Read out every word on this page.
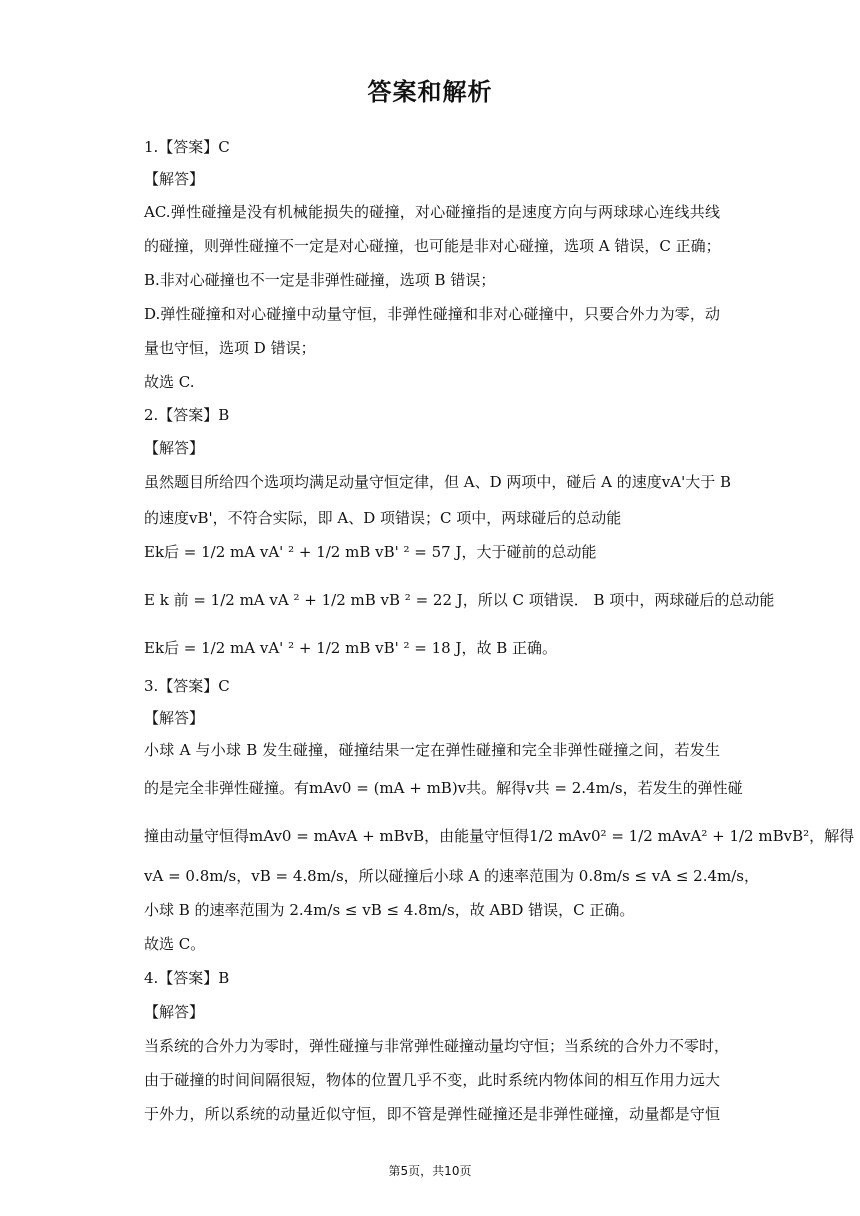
答案和解析
1.【答案】C
【解答】
AC.弹性碰撞是没有机械能损失的碰撞，对心碰撞指的是速度方向与两球球心连线共线
的碰撞，则弹性碰撞不一定是对心碰撞，也可能是非对心碰撞，选项 A 错误，C 正确；
B.非对心碰撞也不一定是非弹性碰撞，选项 B 错误；
D.弹性碰撞和对心碰撞中动量守恒，非弹性碰撞和非对心碰撞中，只要合外力为零，动
量也守恒，选项 D 错误；
故选 C.
2.【答案】B
【解答】
虽然题目所给四个选项均满足动量守恒定律，但 A、D 两项中，碰后 A 的速度vA'大于 B
的速度vB'，不符合实际，即 A、D 项错误；C 项中，两球碰后的总动能
Ek后 = 1/2 mA vA' ² + 1/2 mB vB' ² = 57 J，大于碰前的总动能
E k 前 = 1/2 mA vA ² + 1/2 mB vB ² = 22 J，所以 C 项错误． B 项中，两球碰后的总动能
Ek后 = 1/2 mA vA' ² + 1/2 mB vB' ² = 18 J，故 B 正确。
3.【答案】C
【解答】
小球 A 与小球 B 发生碰撞，碰撞结果一定在弹性碰撞和完全非弹性碰撞之间，若发生
的是完全非弹性碰撞。有mAv0 = (mA + mB)v共。解得v共 = 2.4m/s，若发生的弹性碰
撞由动量守恒得mAv0 = mAvA + mBvB，由能量守恒得1/2 mAv0² = 1/2 mAvA² + 1/2 mBvB²，解得
vA = 0.8m/s，vB = 4.8m/s，所以碰撞后小球 A 的速率范围为 0.8m/s ≤ vA ≤ 2.4m/s，
小球 B 的速率范围为 2.4m/s ≤ vB ≤ 4.8m/s，故 ABD 错误，C 正确。
故选 C。
4.【答案】B
【解答】
当系统的合外力为零时，弹性碰撞与非常弹性碰撞动量均守恒；当系统的合外力不零时，
由于碰撞的时间间隔很短，物体的位置几乎不变，此时系统内物体间的相互作用力远大
于外力，所以系统的动量近似守恒，即不管是弹性碰撞还是非弹性碰撞，动量都是守恒
第5页，共10页
